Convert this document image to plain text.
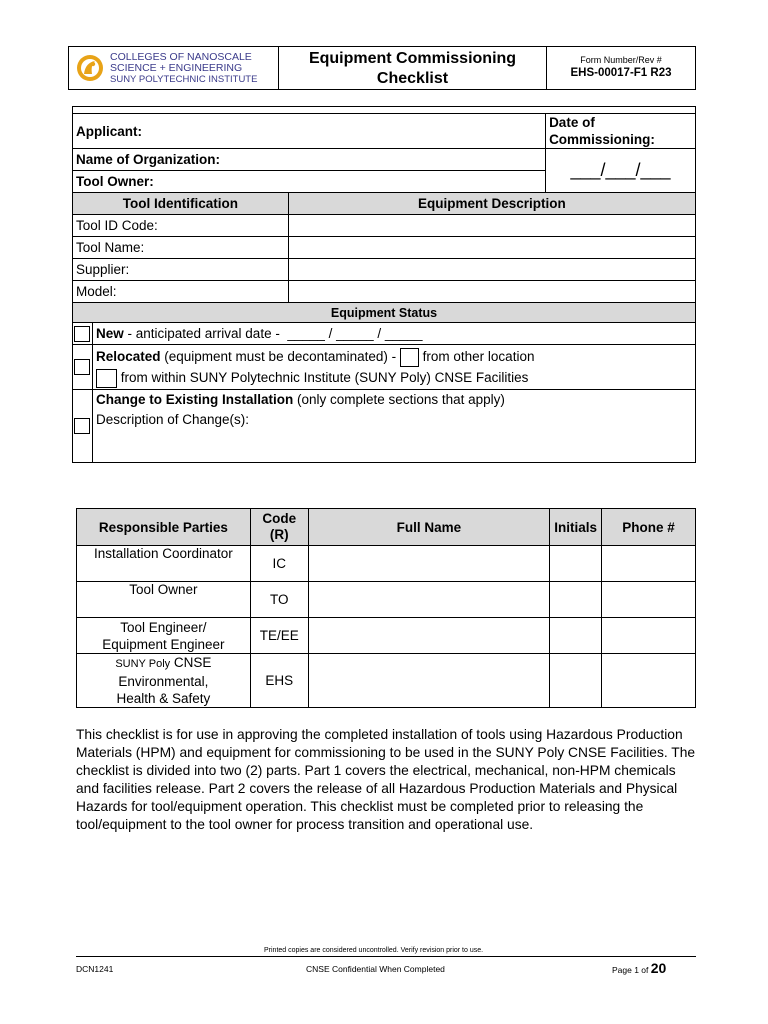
COLLEGES OF NANOSCALE
SCIENCE + ENGINEERING
SUNY POLYTECHNIC INSTITUTE
Equipment Commissioning
Checklist
Form Number/Rev #
EHS-00017-F1 R23

Applicant:			Date of Commissioning:
Name of Organization:			___/___/___
Tool Owner:			
Tool Identification		Equipment Description	
Tool ID Code:			
Tool Name:			
Supplier:			
Model:			
Equipment Status			
	New - anticipated arrival date -  _____ / _____ / _____		

	Relocated (equipment must be decontaminated) -  from other location
from within SUNY Polytechnic Institute (SUNY Poly) CNSE Facilities		

	Change to Existing Installation (only complete sections that apply)
Description of Change(s):		
Responsible Parties	Code (R)	Full Name	Initials	Phone #
Installation Coordinator	IC			
Tool Owner	TO			

Tool Engineer/
Equipment Engineer	TE/EE			

SUNY Poly CNSE
Environmental,
Health & Safety	EHS			
This checklist is for use in approving the completed installation of tools using Hazardous Production Materials (HPM) and equipment for commissioning to be used in the SUNY Poly CNSE Facilities. The checklist is divided into two (2) parts. Part 1 covers the electrical, mechanical, non-HPM chemicals and facilities release. Part 2 covers the release of all Hazardous Production Materials and Physical Hazards for tool/equipment operation. This checklist must be completed prior to releasing the tool/equipment to the tool owner for process transition and operational use.
Printed copies are considered uncontrolled. Verify revision prior to use.
DCN1241	CNSE Confidential When Completed	Page 1 of 20
